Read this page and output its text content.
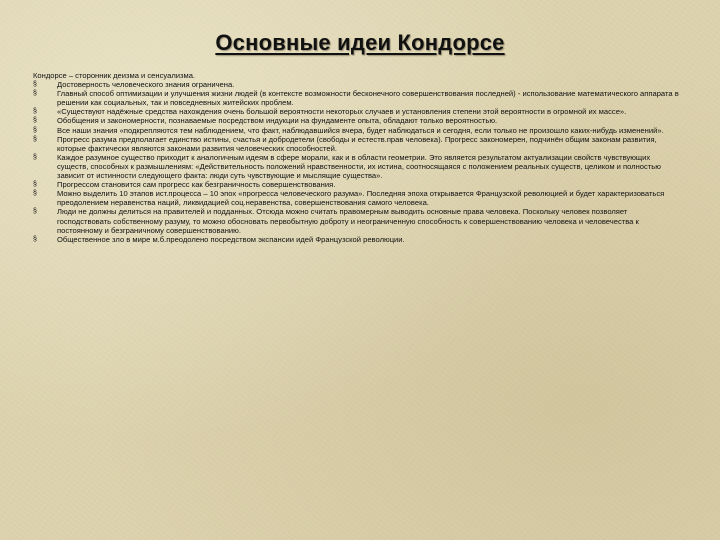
Основные идеи Кондорсе

Кондорсе – сторонник деизма и сенсуализма.

§	Достоверность человеческого знания ограничена.
§	Главный способ оптимизации и улучшения жизни людей (в контексте возможности бесконечного совершенствования последней) - использование математического аппарата в решении как социальных, так и повседневных житейских проблем.
§	«Существуют надёжные средства нахождения очень большой вероятности некоторых случаев и установления степени этой вероятности в огромной их массе».
§	Обобщения и закономерности, познаваемые посредством индукции на фундаменте опыта, обладают только вероятностью.
§	Все наши знания «подкрепляются тем наблюдением, что факт, наблюдавшийся вчера, будет наблюдаться и сегодня, если только не произошло каких-нибудь изменений».
§	Прогресс разума предполагает единство истины, счастья и добродетели (свободы и естеств.прав человека). Прогресс закономерен, подчинён общим законам развития, которые фактически являются законами развития человеческих способностей.
§	Каждое разумное существо приходит к аналогичным идеям в сфере морали, как и в области геометрии. Это является результатом актуализации свойств чувствующих существ, способных к размышлениям: «Действительность положений нравственности, их истина, соотносящаяся с положением реальных существ, целиком и полностью зависит от истинности следующего факта: люди суть чувствующие и мыслящие существа».
§	Прогрессом становится сам прогресс как безграничность совершенствования.
§	Можно выделить 10 этапов ист.процесса – 10 эпох «прогресса человеческого разума». Последняя эпоха открывается Французской революцией и будет характеризоваться преодолением неравенства наций, ликвидацией соц.неравенства, совершенствования самого человека.
§	Люди не должны делиться на правителей и подданных. Отсюда можно считать правомерным выводить основные права человека. Поскольку человек позволяет господствовать собственному разуму, то можно обосновать первобытную доброту и неограниченную способность к совершенствованию человека и человечества к постоянному и безграничному совершенствованию.
§	Общественное зло в мире м.б.преодолено посредством экспансии идей Французской революции.
